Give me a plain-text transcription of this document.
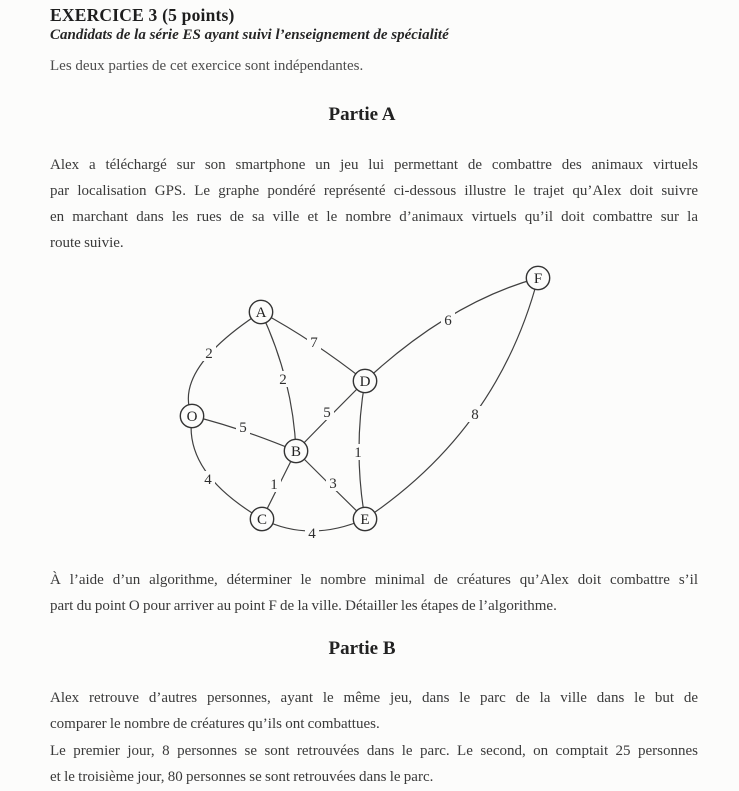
EXERCICE 3 (5 points)
Candidats de la série ES ayant suivi l’enseignement de spécialité
Les deux parties de cet exercice sont indépendantes.
Partie A
Alex a téléchargé sur son smartphone un jeu lui permettant de combattre des animaux virtuels
par localisation GPS. Le graphe pondéré représenté ci-dessous illustre le trajet qu’Alex doit suivre
en marchant dans les rues de sa ville et le nombre d’animaux virtuels qu’il doit combattre sur la
route suivie.
2
7
2
5
5
4	1	3
1
4
6
8
A
O
B
C
D
E
F
À l’aide d’un algorithme, déterminer le nombre minimal de créatures qu’Alex doit combattre s’il
part du point O pour arriver au point F de la ville. Détailler les étapes de l’algorithme.
Partie B
Alex retrouve d’autres personnes, ayant le même jeu, dans le parc de la ville dans le but de
comparer le nombre de créatures qu’ils ont combattues.
Le premier jour, 8 personnes se sont retrouvées dans le parc. Le second, on comptait 25 personnes
et le troisième jour, 80 personnes se sont retrouvées dans le parc.
